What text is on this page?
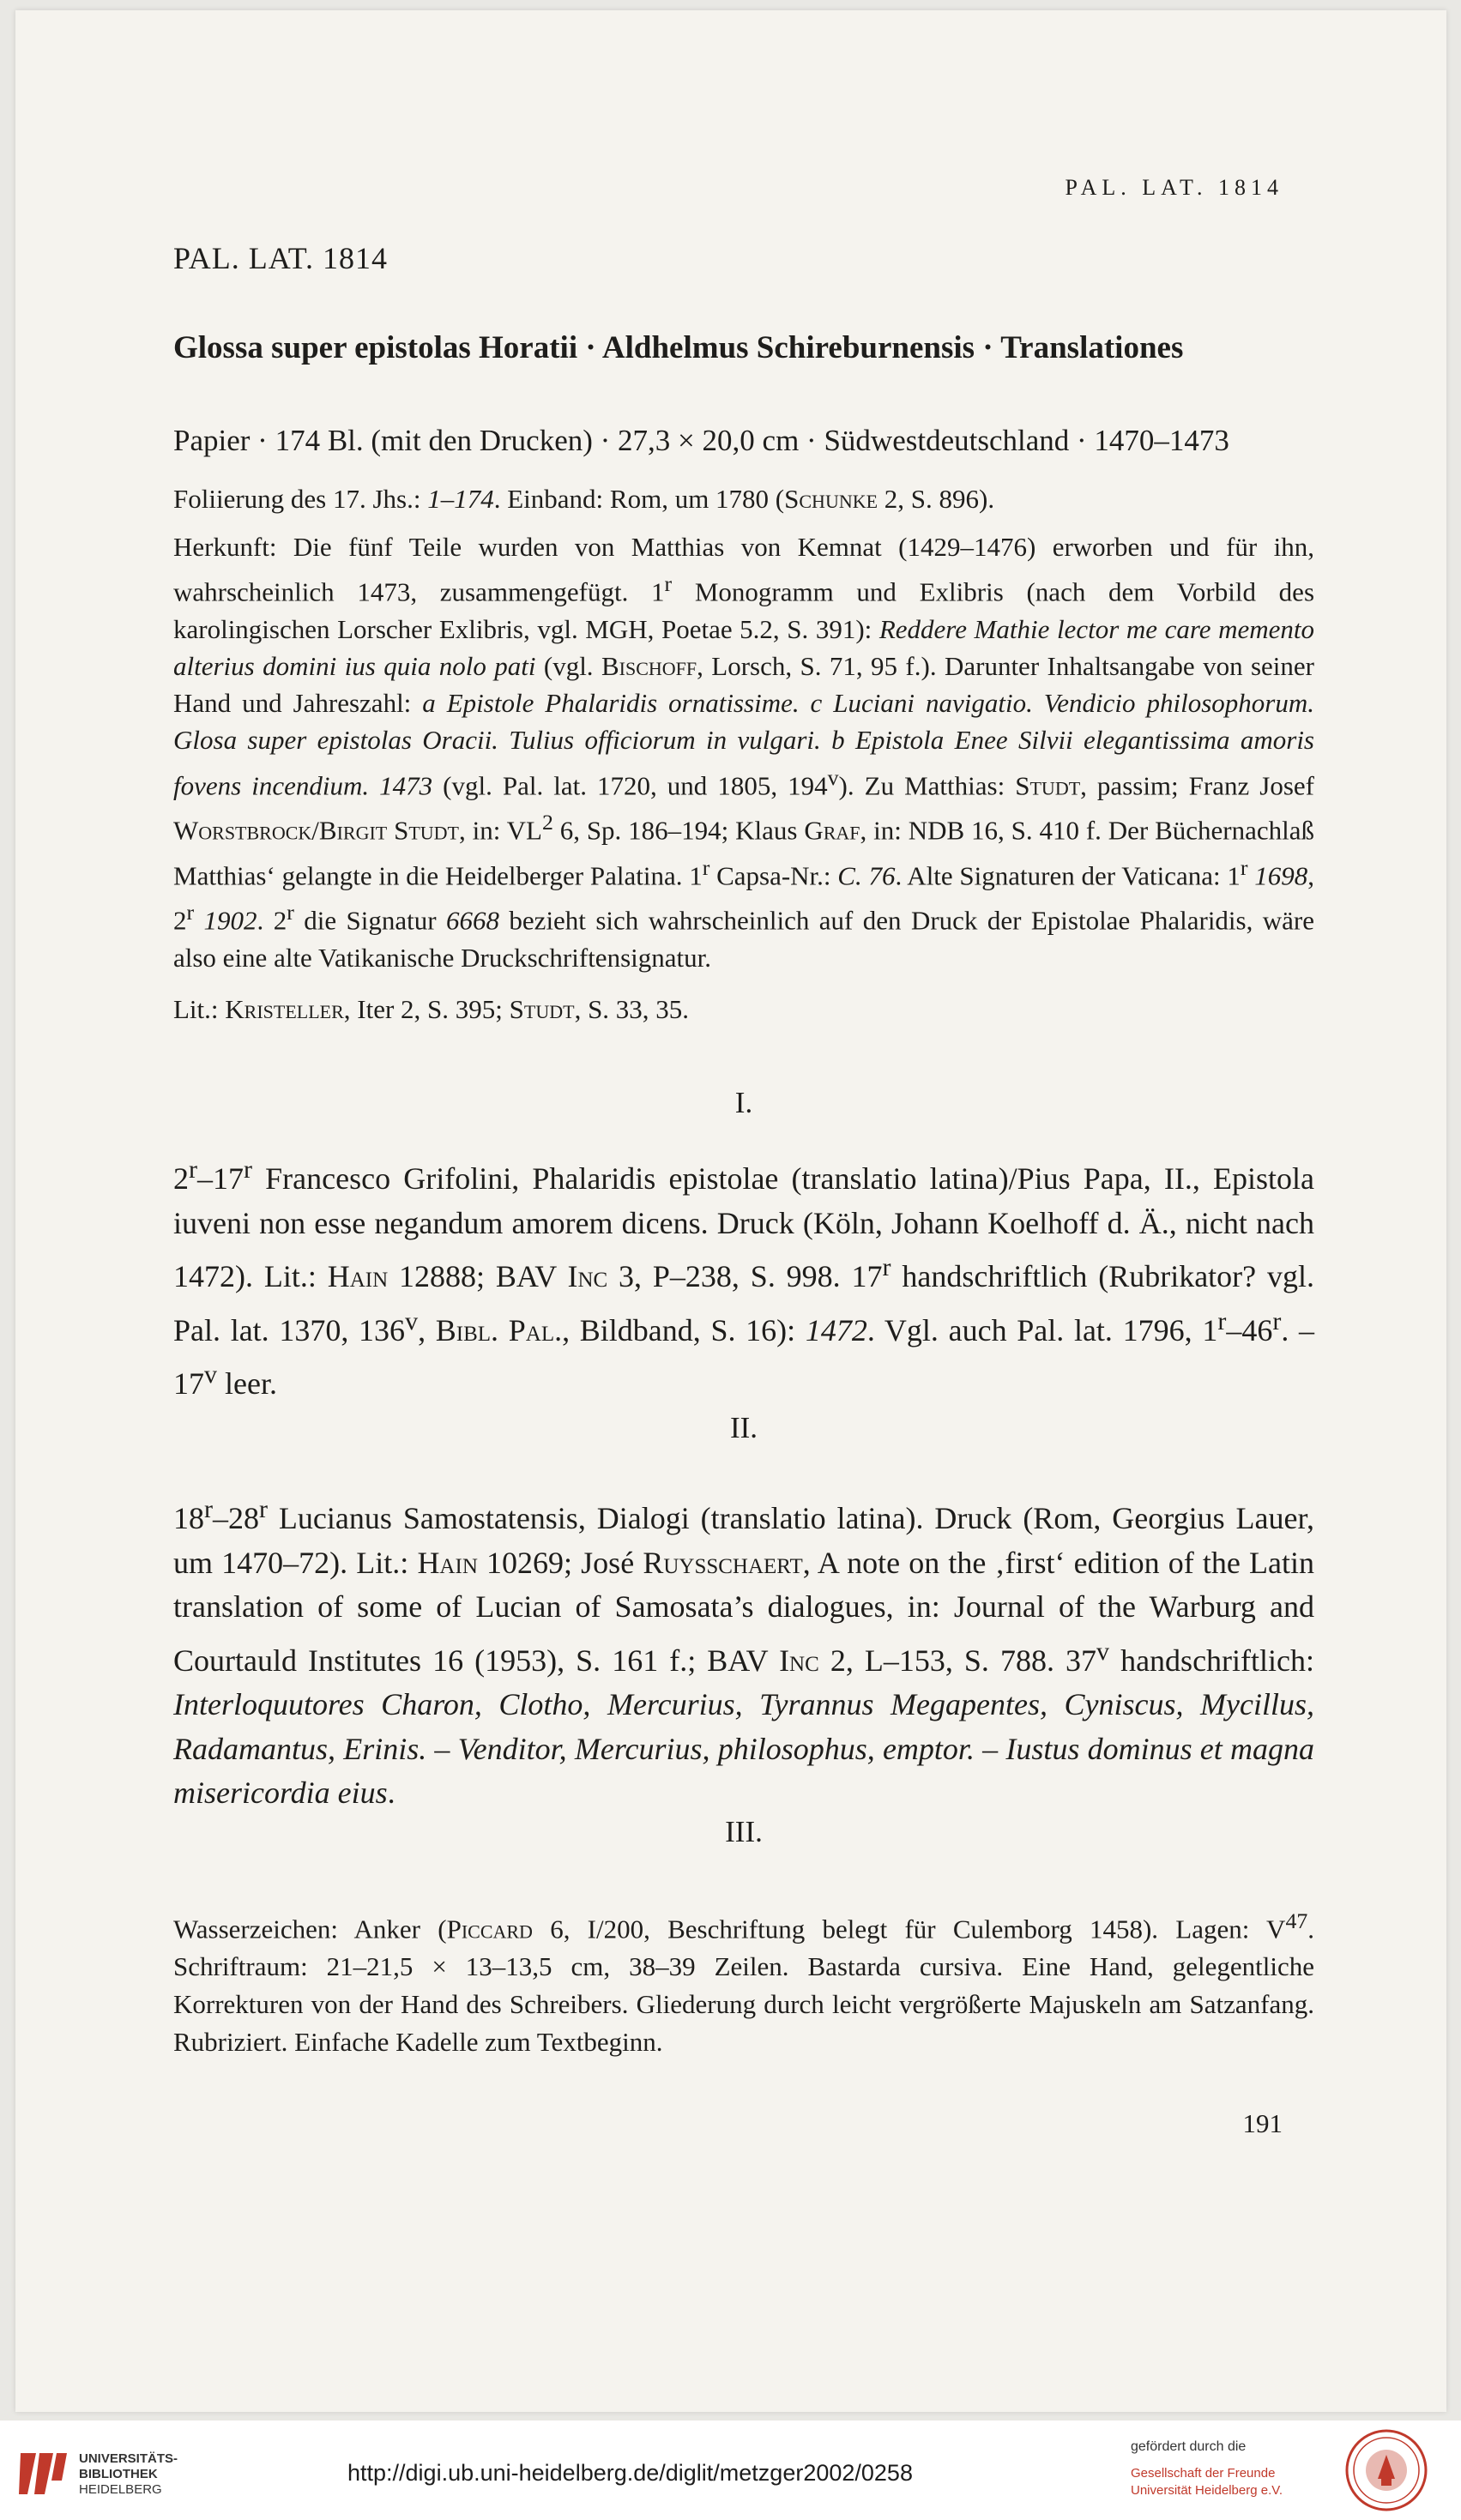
PAL. LAT. 1814
PAL. LAT. 1814
Glossa super epistolas Horatii · Aldhelmus Schireburnensis · Translationes
Papier · 174 Bl. (mit den Drucken) · 27,3 × 20,0 cm · Südwestdeutschland · 1470–1473
Foliierung des 17. Jhs.: 1–174. Einband: Rom, um 1780 (Schunke 2, S. 896).
Herkunft: Die fünf Teile wurden von Matthias von Kemnat (1429–1476) erworben und für ihn, wahrscheinlich 1473, zusammengefügt. 1$^r$ Monogramm und Exlibris (nach dem Vorbild des karolingischen Lorscher Exlibris, vgl. MGH, Poetae 5.2, S. 391): Reddere Mathie lector me care memento alterius domini ius quia nolo pati (vgl. Bischoff, Lorsch, S. 71, 95 f.). Darunter Inhaltsangabe von seiner Hand und Jahreszahl: a Epistole Phalaridis ornatissime. c Luciani navigatio. Vendicio philosophorum. Glosa super epistolas Oracii. Tulius officiorum in vulgari. b Epistola Enee Silvii elegantissima amoris fovens incendium. 1473 (vgl. Pal. lat. 1720, und 1805, 194$^v$). Zu Matthias: Studt, passim; Franz Josef Worstbrock/Birgit Studt, in: $VL^2$ 6, Sp. 186–194; Klaus Graf, in: NDB 16, S. 410 f. Der Büchernachlaß Matthias‘ gelangte in die Heidelberger Palatina. 1$^r$ Capsa-Nr.: C. 76. Alte Signaturen der Vaticana: 1$^r$ 1698, 2$^r$ 1902. 2$^r$ die Signatur 6668 bezieht sich wahrscheinlich auf den Druck der Epistolae Phalaridis, wäre also eine alte Vatikanische Druckschriftensignatur.
Lit.: Kristeller, Iter 2, S. 395; Studt, S. 33, 35.
I.
2$^r$–17$^r$ Francesco Grifolini, Phalaridis epistolae (translatio latina)/Pius Papa, II., Epistola iuveni non esse negandum amorem dicens. Druck (Köln, Johann Koelhoff d. Ä., nicht nach 1472). Lit.: Hain 12888; BAV Inc 3, P–238, S. 998. 17$^r$ handschriftlich (Rubrikator? vgl. Pal. lat. 1370, 136$^v$, Bibl. Pal., Bildband, S. 16): 1472. Vgl. auch Pal. lat. 1796, 1$^r$–46$^r$. – 17$^v$ leer.
II.
18$^r$–28$^r$ Lucianus Samostatensis, Dialogi (translatio latina). Druck (Rom, Georgius Lauer, um 1470–72). Lit.: Hain 10269; José Ruysschaert, A note on the ‚first‘ edition of the Latin translation of some of Lucian of Samosata’s dialogues, in: Journal of the Warburg and Courtauld Institutes 16 (1953), S. 161 f.; BAV Inc 2, L–153, S. 788. 37$^v$ handschriftlich: Interloquutores Charon, Clotho, Mercurius, Tyrannus Megapentes, Cyniscus, Mycillus, Radamantus, Erinis. – Venditor, Mercurius, philosophus, emptor. – Iustus dominus et magna misericordia eius.
III.
Wasserzeichen: Anker (Piccard 6, I/200, Beschriftung belegt für Culemborg 1458). Lagen: $V^{47}$. Schriftraum: 21–21,5 × 13–13,5 cm, 38–39 Zeilen. Bastarda cursiva. Eine Hand, gelegentliche Korrekturen von der Hand des Schreibers. Gliederung durch leicht vergrößerte Majuskeln am Satzanfang. Rubriziert. Einfache Kadelle zum Textbeginn.
191
UNIVERSITÄTS-
BIBLIOTHEK
HEIDELBERG
http://digi.ub.uni-heidelberg.de/diglit/metzger2002/0258
gefördert durch die
Gesellschaft der Freunde
Universität Heidelberg e.V.
